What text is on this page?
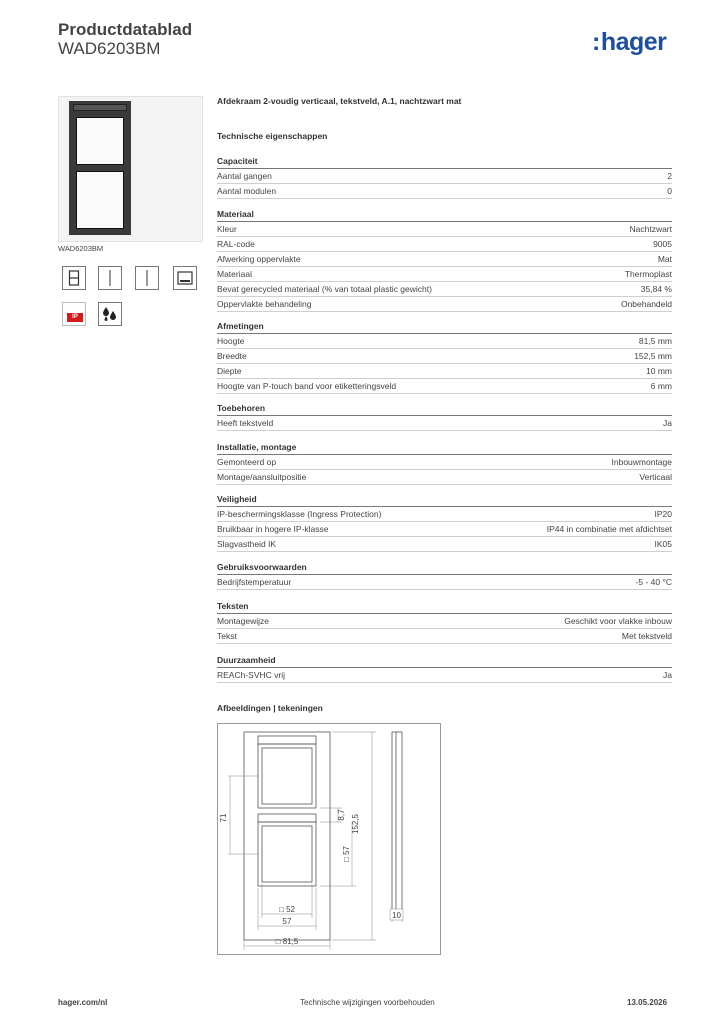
Productdatablad
WAD6203BM	:hager
WAD6203BM
IP
Afdekraam 2-voudig verticaal, tekstveld, A.1, nachtzwart mat
Technische eigenschappen
Capaciteit
Aantal gangen	2
Aantal modulen	0
Materiaal
Kleur	Nachtzwart
RAL-code	9005
Afwerking oppervlakte	Mat
Materiaal	Thermoplast
Bevat gerecycled materiaal (% van totaal plastic gewicht)	35,84 %
Oppervlakte behandeling	Onbehandeld
Afmetingen
Hoogte	81,5 mm
Breedte	152,5 mm
Diepte	10 mm
Hoogte van P-touch band voor etiketteringsveld	6 mm
Toebehoren
Heeft tekstveld	Ja
Installatie, montage
Gemonteerd op	Inbouwmontage
Montage/aansluitpositie	Verticaal
Veiligheid
IP-beschermingsklasse (Ingress Protection)	IP20
Bruikbaar in hogere IP-klasse	IP44 in combinatie met afdichtset
Slagvastheid IK	IK05
Gebruiksvoorwaarden
Bedrijfstemperatuur	-5 - 40 °C
Teksten
Montagewijze	Geschikt voor vlakke inbouw
Tekst	Met tekstveld
Duurzaamheid
REACh-SVHC vrij	Ja
Afbeeldingen | tekeningen
□ 52
57
□ 81,5
71	8,7 152,5
□ 57
10
hager.com/nl	Technische wijzigingen voorbehouden	13.05.2026
